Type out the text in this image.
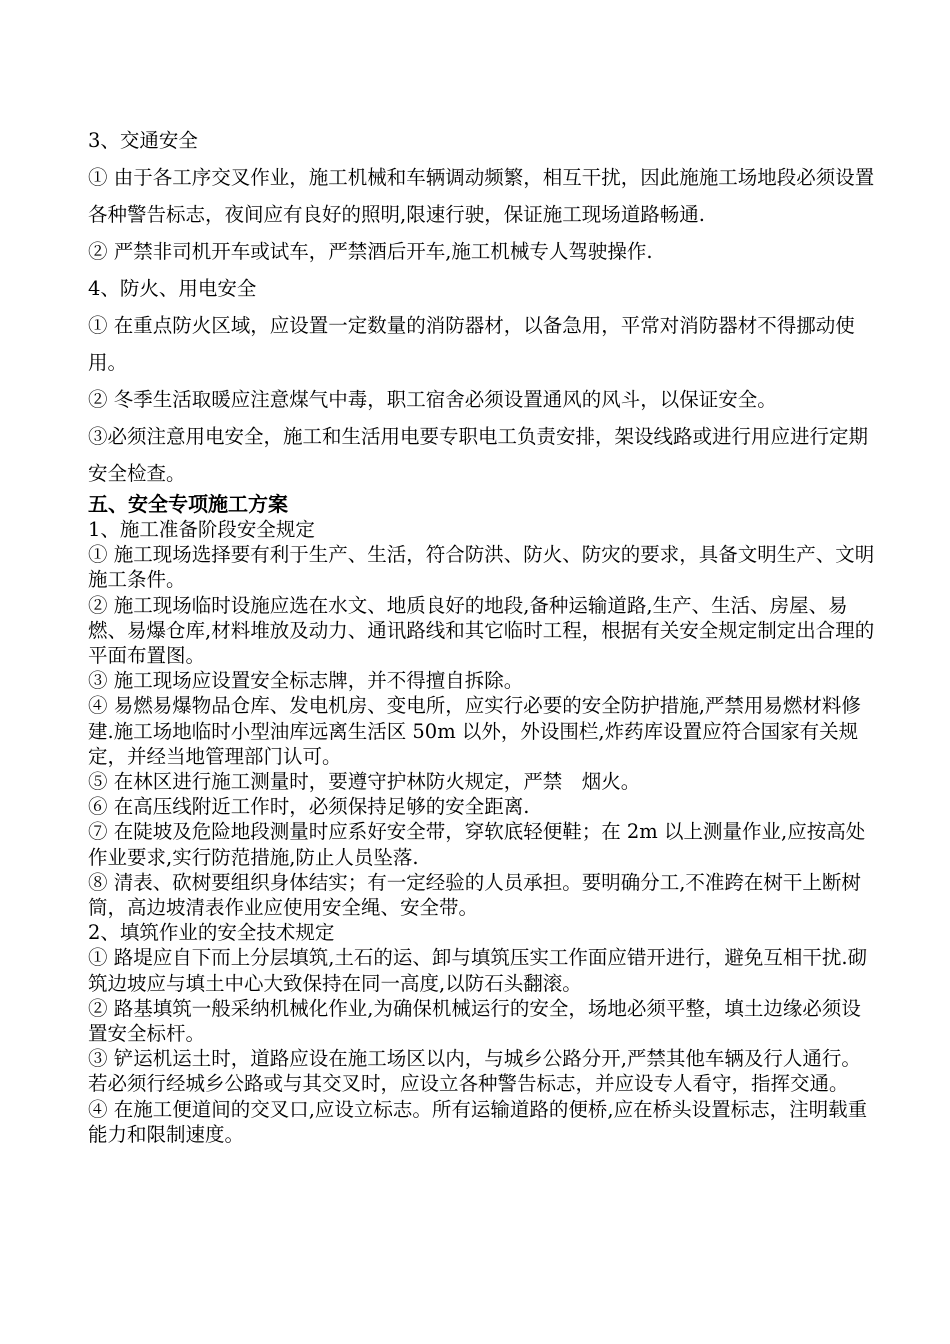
3、交通安全

① 由于各工序交叉作业，施工机械和车辆调动频繁，相互干扰，因此施施工场地段必须设置各种警告标志，夜间应有良好的照明,限速行驶，保证施工现场道路畅通.

② 严禁非司机开车或试车，严禁酒后开车,施工机械专人驾驶操作.

4、防火、用电安全

① 在重点防火区域，应设置一定数量的消防器材，以备急用，平常对消防器材不得挪动使用。

② 冬季生活取暖应注意煤气中毒，职工宿舍必须设置通风的风斗，以保证安全。

③必须注意用电安全，施工和生活用电要专职电工负责安排，架设线路或进行用应进行定期安全检查。

五、安全专项施工方案

1、施工准备阶段安全规定

① 施工现场选择要有利于生产、生活，符合防洪、防火、防灾的要求，具备文明生产、文明施工条件。

② 施工现场临时设施应选在水文、地质良好的地段,备种运输道路,生产、生活、房屋、易燃、易爆仓库,材料堆放及动力、通讯路线和其它临时工程，根据有关安全规定制定出合理的平面布置图。

③ 施工现场应设置安全标志牌，并不得擅自拆除。

④ 易燃易爆物品仓库、发电机房、变电所，应实行必要的安全防护措施,严禁用易燃材料修建.施工场地临时小型油库远离生活区 50m 以外，外设围栏,炸药库设置应符合国家有关规定，并经当地管理部门认可。

⑤ 在林区进行施工测量时，要遵守护林防火规定，严禁　烟火。

⑥ 在高压线附近工作时，必须保持足够的安全距离.

⑦ 在陡坡及危险地段测量时应系好安全带，穿软底轻便鞋；在 2m 以上测量作业,应按高处作业要求,实行防范措施,防止人员坠落.

⑧ 清表、砍树要组织身体结实；有一定经验的人员承担。要明确分工,不准跨在树干上断树筒，高边坡清表作业应使用安全绳、安全带。

2、填筑作业的安全技术规定

① 路堤应自下而上分层填筑,土石的运、卸与填筑压实工作面应错开进行，避免互相干扰.砌筑边坡应与填土中心大致保持在同一高度,以防石头翻滚。

② 路基填筑一般采纳机械化作业,为确保机械运行的安全，场地必须平整，填土边缘必须设置安全标杆。

③ 铲运机运土时，道路应设在施工场区以内，与城乡公路分开,严禁其他车辆及行人通行。若必须行经城乡公路或与其交叉时，应设立各种警告标志，并应设专人看守，指挥交通。

④ 在施工便道间的交叉口,应设立标志。所有运输道路的便桥,应在桥头设置标志，注明载重能力和限制速度。
